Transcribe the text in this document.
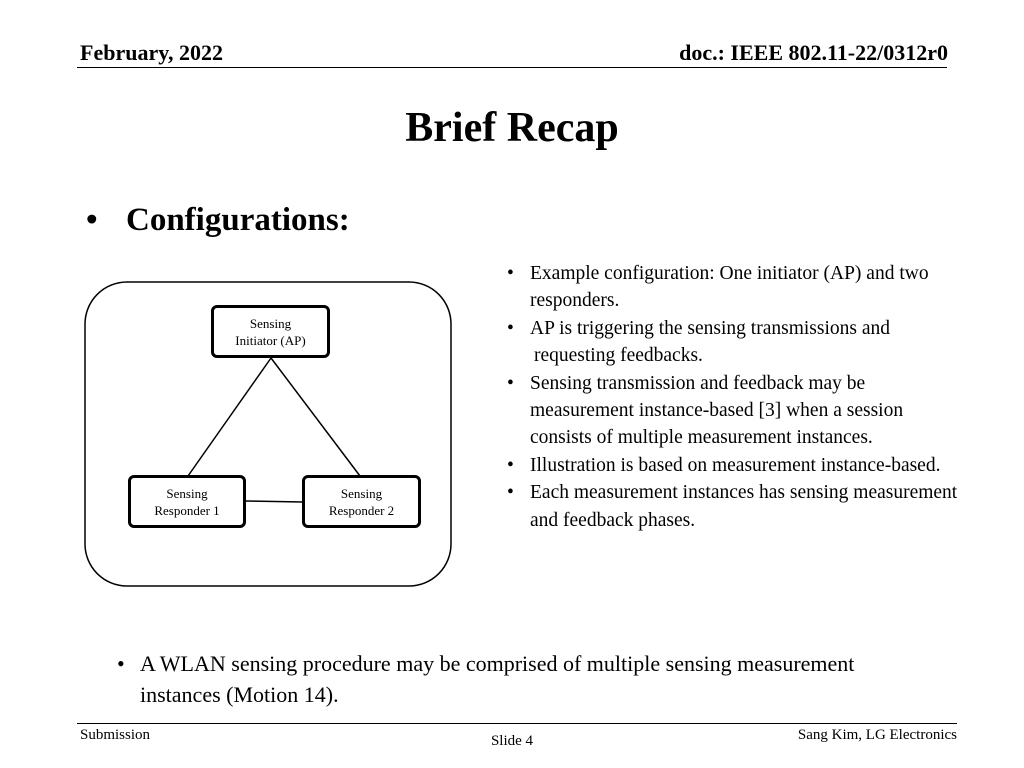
February, 2022	doc.: IEEE 802.11-22/0312r0
Brief Recap
• Configurations:
Sensing
Initiator (AP)
Sensing
Responder 1
Sensing
Responder 2
• Example configuration: One initiator (AP) and two responders.
• AP is triggering the sensing transmissions and
requesting feedbacks.
• Sensing transmission and feedback may be measurement instance-based [3] when a session consists of multiple measurement instances.
• Illustration is based on measurement instance-based.
• Each measurement instances has sensing measurement and feedback phases.
• A WLAN sensing procedure may be comprised of multiple sensing measurement instances (Motion 14).
Submission	Slide 4	Sang Kim, LG Electronics
